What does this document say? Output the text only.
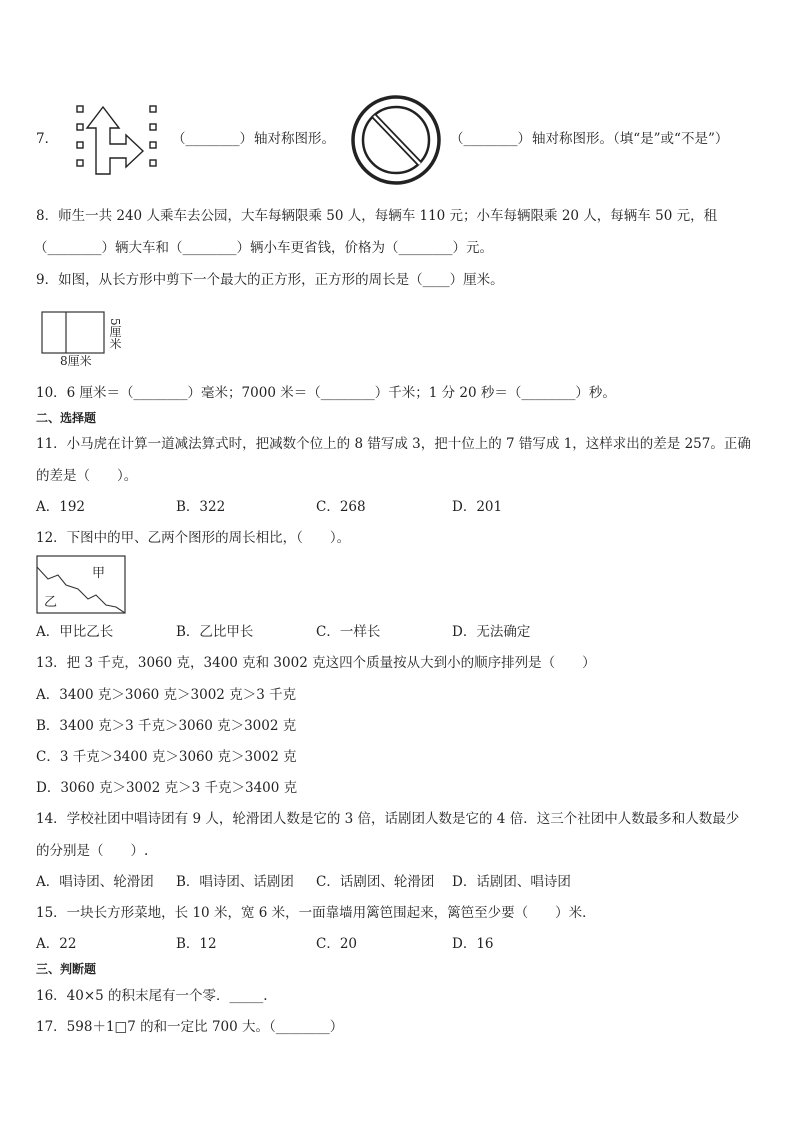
7．	（________） 轴对称图形。	（________） 轴对称图形。（填“是”或“不是”）
8．师生一共 240 人乘车去公园，大车每辆限乘 50 人，每辆车 110 元；小车每辆限乘 20 人，每辆车 50 元，租
（________）辆大车和（________）辆小车更省钱，价格为（________）元。
9．如图，从长方形中剪下一个最大的正方形，正方形的周长是（____）厘米。
8厘米
5厘米
10．6 厘米＝（________）毫米；7000 米＝（________）千米；1 分 20 秒＝（________）秒。
二、选择题
11．小马虎在计算一道减法算式时，把减数个位上的 8 错写成 3，把十位上的 7 错写成 1，这样求出的差是 257。正确
的差是（　　）。
A．192	B．322	C．268	D．201
12．下图中的甲、乙两个图形的周长相比，（　　）。
甲
乙
A．甲比乙长	B．乙比甲长	C．一样长	D．无法确定
13．把 3 千克，3060 克，3400 克和 3002 克这四个质量按从大到小的顺序排列是（　　）
A．3400 克＞3060 克＞3002 克＞3 千克
B．3400 克＞3 千克＞3060 克＞3002 克
C．3 千克＞3400 克＞3060 克＞3002 克
D．3060 克＞3002 克＞3 千克＞3400 克
14．学校社团中唱诗团有 9 人，轮滑团人数是它的 3 倍，话剧团人数是它的 4 倍．这三个社团中人数最多和人数最少
的分别是（　　）.
A．唱诗团、轮滑团 B．唱诗团、话剧团 C．话剧团、轮滑团 D．话剧团、唱诗团
15．一块长方形菜地，长 10 米，宽 6 米，一面靠墙用篱笆围起来，篱笆至少要（　　）米．
A．22	B．12	C．20	D．16
三、判断题
16．40×5 的积末尾有一个零．_____.
17．598＋1□7 的和一定比 700 大。（________）
